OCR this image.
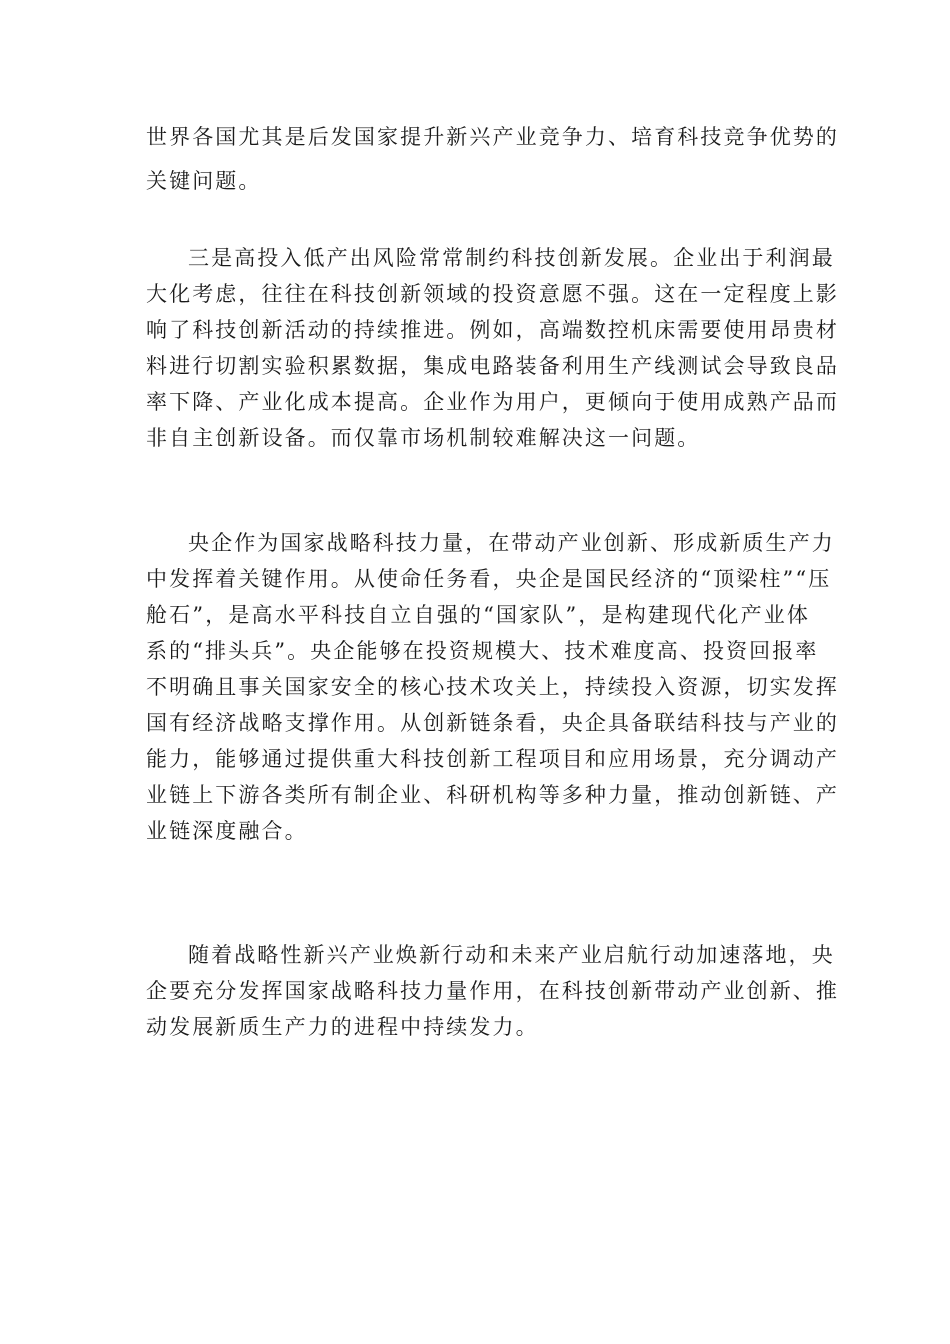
世界各国尤其是后发国家提升新兴产业竞争力、培育科技竞争优势的
关键问题。
三是高投入低产出风险常常制约科技创新发展。企业出于利润最
大化考虑，往往在科技创新领域的投资意愿不强。这在一定程度上影
响了科技创新活动的持续推进。例如，高端数控机床需要使用昂贵材
料进行切割实验积累数据，集成电路装备利用生产线测试会导致良品
率下降、产业化成本提高。企业作为用户，更倾向于使用成熟产品而
非自主创新设备。而仅靠市场机制较难解决这一问题。
央企作为国家战略科技力量，在带动产业创新、形成新质生产力
中发挥着关键作用。从使命任务看，央企是国民经济的“顶梁柱”“压
舱石”，是高水平科技自立自强的“国家队”，是构建现代化产业体
系的“排头兵”。央企能够在投资规模大、技术难度高、投资回报率
不明确且事关国家安全的核心技术攻关上，持续投入资源，切实发挥
国有经济战略支撑作用。从创新链条看，央企具备联结科技与产业的
能力，能够通过提供重大科技创新工程项目和应用场景，充分调动产
业链上下游各类所有制企业、科研机构等多种力量，推动创新链、产
业链深度融合。
随着战略性新兴产业焕新行动和未来产业启航行动加速落地，央
企要充分发挥国家战略科技力量作用，在科技创新带动产业创新、推
动发展新质生产力的进程中持续发力。
